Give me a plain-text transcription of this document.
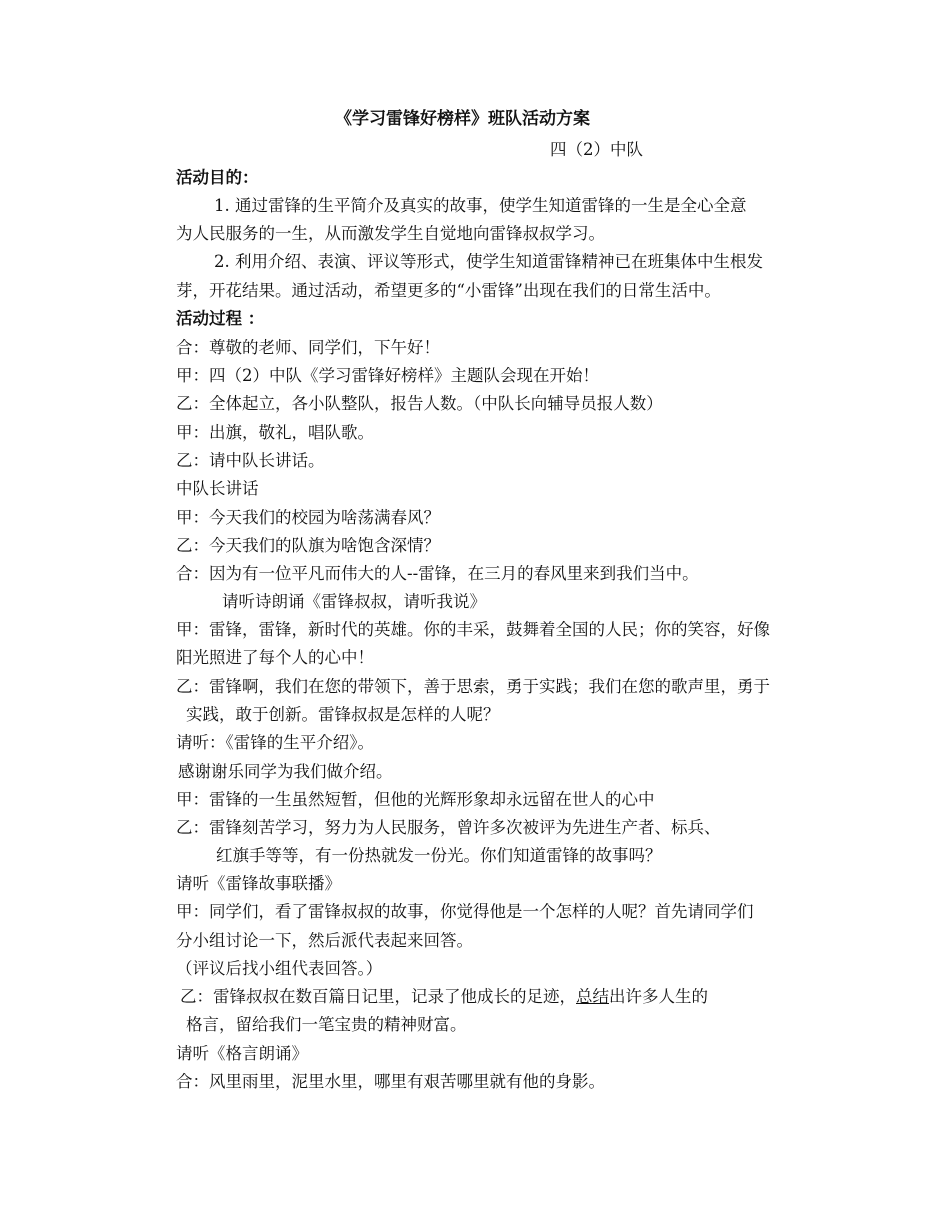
《学习雷锋好榜样》班队活动方案
四（2）中队
活动目的：
1. 通过雷锋的生平简介及真实的故事，使学生知道雷锋的一生是全心全意
为人民服务的一生，从而激发学生自觉地向雷锋叔叔学习。
2. 利用介绍、表演、评议等形式，使学生知道雷锋精神已在班集体中生根发
芽，开花结果。通过活动，希望更多的“小雷锋”出现在我们的日常生活中。
活动过程 ：
合：尊敬的老师、同学们，下午好！
甲：四（2）中队《学习雷锋好榜样》主题队会现在开始！
乙：全体起立，各小队整队，报告人数。（中队长向辅导员报人数）
甲：出旗，敬礼，唱队歌。
乙：请中队长讲话。
中队长讲话
甲：今天我们的校园为啥荡满春风？
乙：今天我们的队旗为啥饱含深情？
合：因为有一位平凡而伟大的人--雷锋，在三月的春风里来到我们当中。
请听诗朗诵《雷锋叔叔，请听我说》
甲：雷锋，雷锋，新时代的英雄。你的丰采，鼓舞着全国的人民；你的笑容，好像
阳光照进了每个人的心中！
乙：雷锋啊，我们在您的带领下，善于思索，勇于实践；我们在您的歌声里，勇于
实践，敢于创新。雷锋叔叔是怎样的人呢？
请听：《雷锋的生平介绍》。
感谢谢乐同学为我们做介绍。
甲：雷锋的一生虽然短暂，但他的光辉形象却永远留在世人的心中
乙：雷锋刻苦学习，努力为人民服务，曾许多次被评为先进生产者、标兵、
红旗手等等，有一份热就发一份光。你们知道雷锋的故事吗？
请听《雷锋故事联播》
甲：同学们，看了雷锋叔叔的故事，你觉得他是一个怎样的人呢？首先请同学们
分小组讨论一下，然后派代表起来回答。
（评议后找小组代表回答。）
乙：雷锋叔叔在数百篇日记里，记录了他成长的足迹，总结出许多人生的
格言，留给我们一笔宝贵的精神财富。
请听《格言朗诵》
合：风里雨里，泥里水里，哪里有艰苦哪里就有他的身影。
